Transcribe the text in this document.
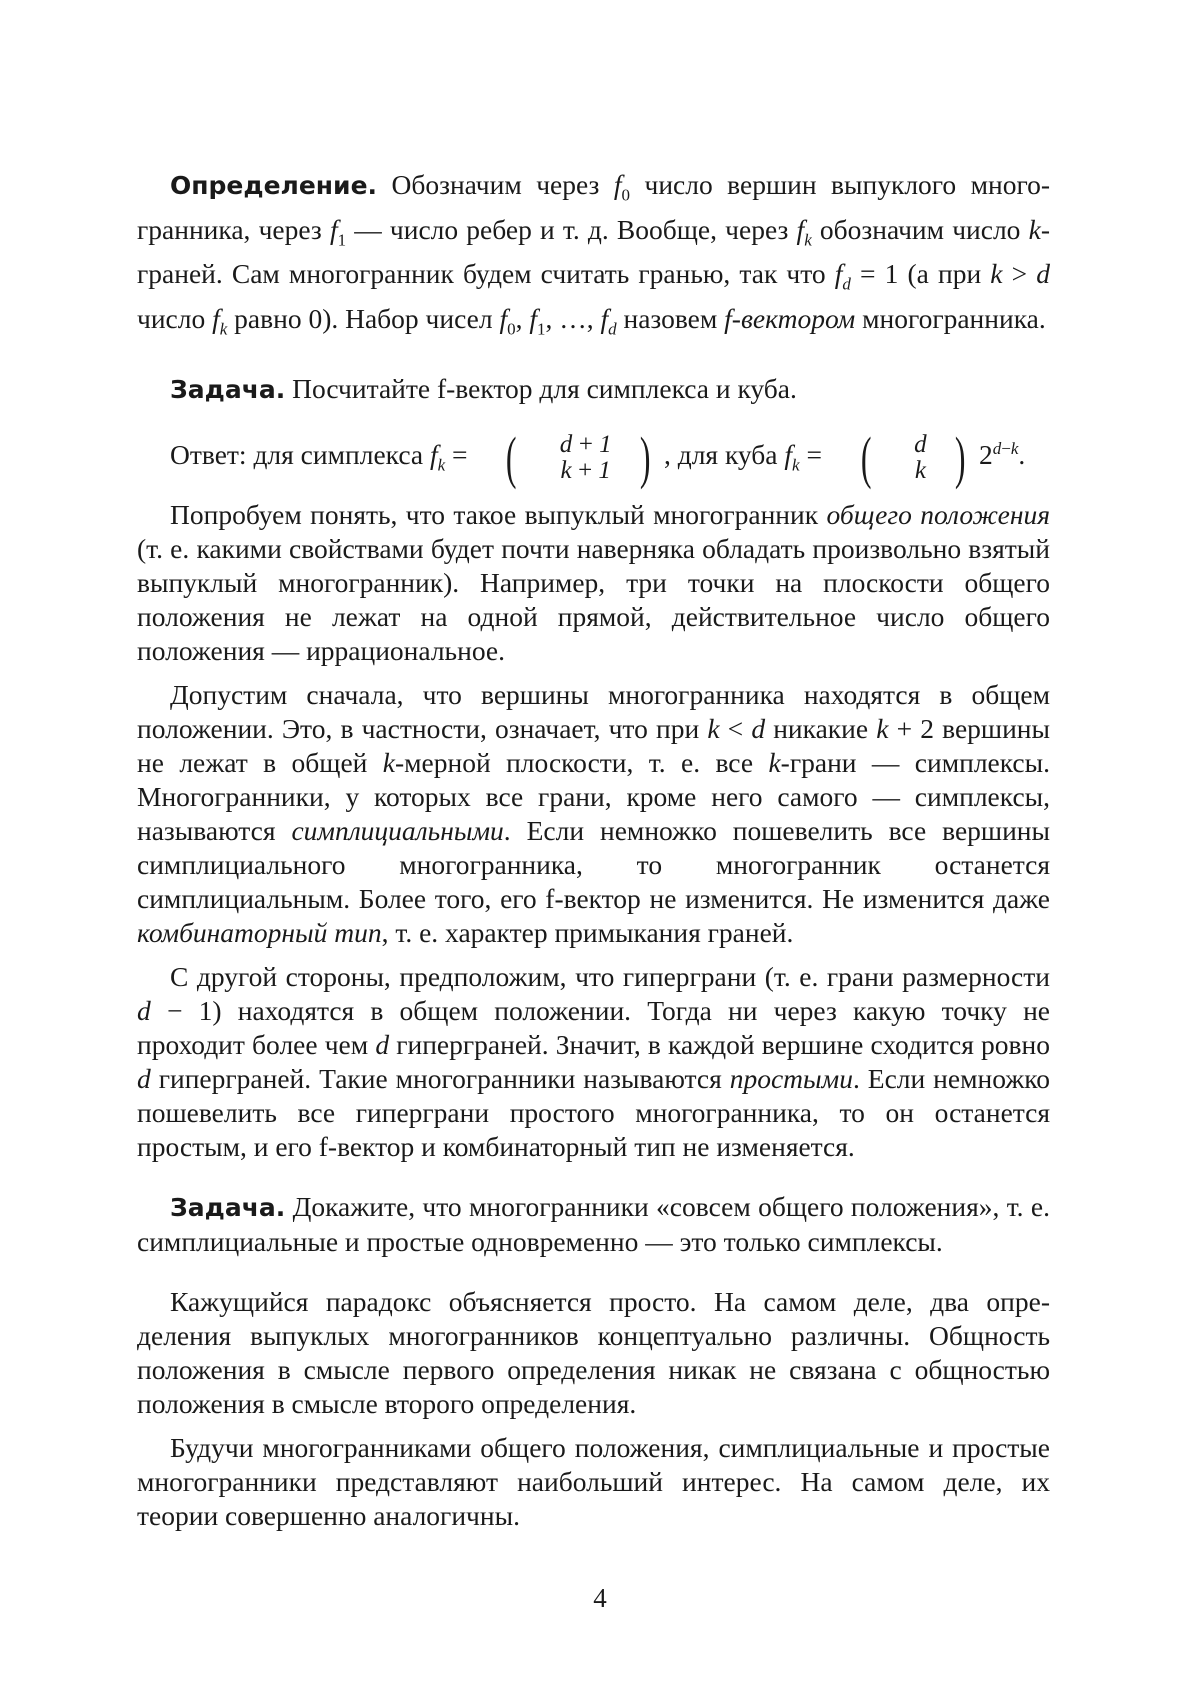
Определение. Обозначим через $f_0$ число вершин выпуклого многогранника, через $f_1$ — число ребер и т. д. Вообще, через $f_k$ обозначим число k-граней. Сам многогранник будем считать гранью, так что $f_d = 1$ (а при k > d число $f_k$ равно 0). Набор чисел $f_0$, $f_1$, …, $f_d$ назовем f-вектором многогранника.

Задача. Посчитайте f-вектор для симплекса и куба.

Ответ: для симплекса $f_k$ = (	d + 1
k + 1 ) , для куба $f_k$ = (	d
k ) $2^{d-k}$.

Попробуем понять, что такое выпуклый многогранник общего положения (т. е. какими свойствами будет почти наверняка обладать произвольно взятый выпуклый многогранник). Например, три точки на плоскости общего положения не лежат на одной прямой, действительное число общего положения — иррациональное.

Допустим сначала, что вершины многогранника находятся в общем положении. Это, в частности, означает, что при k < d никакие k + 2 вершины не лежат в общей k-мерной плоскости, т. е. все k-грани — симплексы. Многогранники, у которых все грани, кроме него самого — симплексы, называются симплициальными. Если немножко пошевелить все вершины симплициального многогранника, то многогранник останется симплициальным. Более того, его f-вектор не изменится. Не изменится даже комбинаторный тип, т. е. характер примыкания граней.

С другой стороны, предположим, что гиперграни (т. е. грани размерности d − 1) находятся в общем положении. Тогда ни через какую точку не проходит более чем d гиперграней. Значит, в каждой вершине сходится ровно d гиперграней. Такие многогранники называются простыми. Если немножко пошевелить все гиперграни простого многогранника, то он останется простым, и его f-вектор и комбинаторный тип не изменяется.

Задача. Докажите, что многогранники «совсем общего положения», т. е. симплициальные и простые одновременно — это только симплексы.

Кажущийся парадокс объясняется просто. На самом деле, два определения выпуклых многогранников концептуально различны. Общность положения в смысле первого определения никак не связана с общностью положения в смысле второго определения.

Будучи многогранниками общего положения, симплициальные и простые многогранники представляют наибольший интерес. На самом деле, их теории совершенно аналогичны.

4
